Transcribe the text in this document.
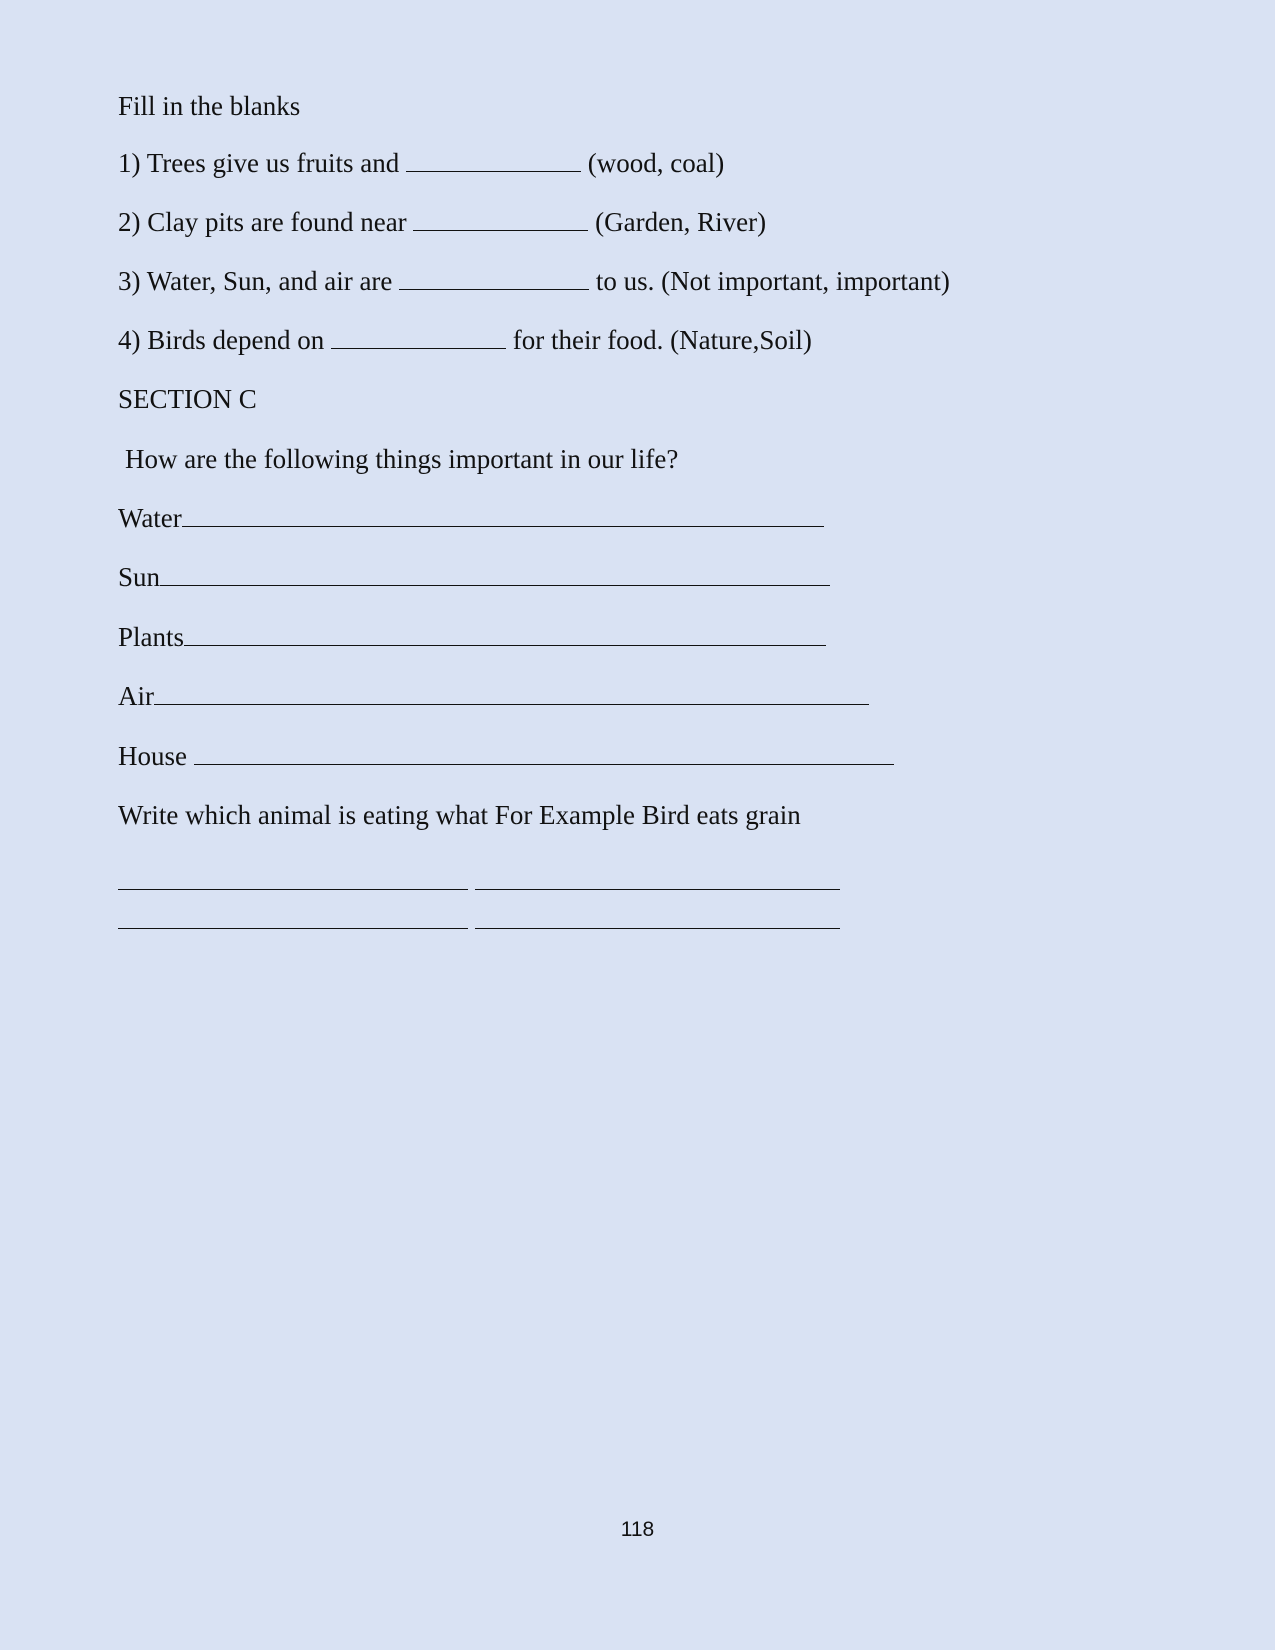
Fill in the blanks
1) Trees give us fruits and	(wood, coal)
2) Clay pits are found near	(Garden, River)
3) Water, Sun, and air are	to us. (Not important, important)
4) Birds depend on	for their food. (Nature,Soil)
SECTION C
How are the following things important in our life?
Water
Sun
Plants
Air
House
Write which animal is eating what For Example Bird eats grain

118
